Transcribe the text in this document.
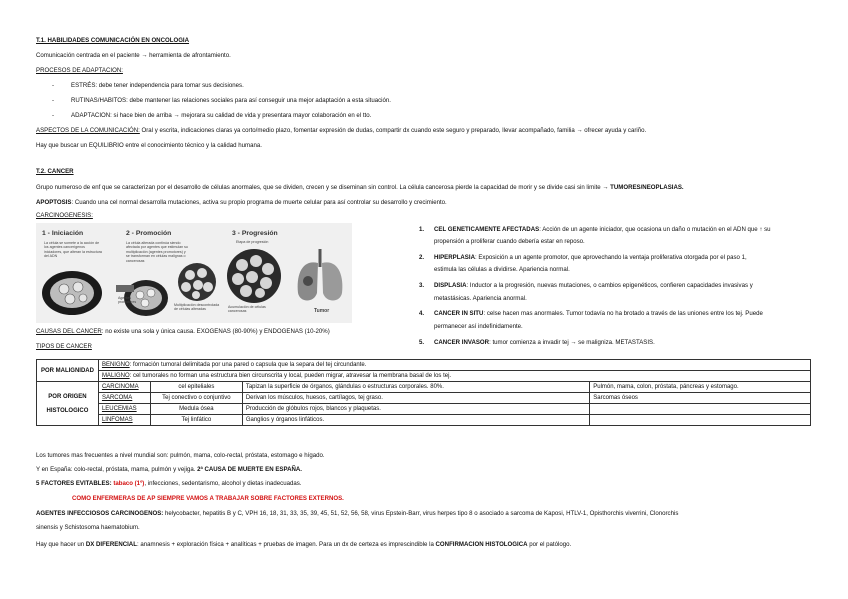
T.1. HABILIDADES COMUNICACIÓN EN ONCOLOGIA
Comunicación centrada en el paciente → herramienta de afrontamiento.
PROCESOS DE ADAPTACION:
-	ESTRÉS: debe tener independencia para tomar sus decisiones.
-	RUTINAS/HABITOS: debe mantener las relaciones sociales para así conseguir una mejor adaptación a esta situación.
-	ADAPTACION: si hace bien de arriba → mejorara su calidad de vida y presentara mayor colaboración en el tto.
ASPECTOS DE LA COMUNICACIÓN: Oral y escrita, indicaciones claras ya corto/medio plazo, fomentar expresión de dudas, compartir dx cuando este seguro y preparado, llevar acompañado, familia → ofrecer ayuda y cariño.
Hay que buscar un EQUILIBRIO entre el conocimiento técnico y la calidad humana.
T.2. CANCER
Grupo numeroso de enf que se caracterizan por el desarrollo de células anormales, que se dividen, crecen y se diseminan sin control. La célula cancerosa pierde la capacidad de morir y se divide casi sin limite → TUMORES/NEOPLASIAS.
APOPTOSIS: Cuando una cel normal desarrolla mutaciones, activa su propio programa de muerte celular para así controlar su desarrollo y crecimiento.
CARCINOGENESIS:
1 - Iniciación
La célula se somete a la acción de los agentes cancerígenos iniciadores, que alteran la estructura del ADN
2 - Promoción
La célula alterada continúa siendo afectada por agentes que estimulan su multiplicación (agentes promotores) y se transforman en células malignas o cancerosas
Agentes promotores
Multiplicación descontrolada de células alteradas
3 - Progresión
Etapa de progresión
Acumulación de células cancerosas	Tumor
CAUSAS DEL CANCER: no existe una sola y única causa. EXOGENAS (80-90%) y ENDOGENAS (10-20%)
TIPOS DE CANCER
1. CEL GENETICAMENTE AFECTADAS: Acción de un agente iniciador, que ocasiona un daño o mutación en el ADN que ↑ su
propensión a proliferar cuando debería estar en reposo.
2. HIPERPLASIA: Exposición a un agente promotor, que aprovechando la ventaja proliferativa otorgada por el paso 1,
estimula las células a dividirse. Apariencia normal.
3. DISPLASIA: Inductor a la progresión, nuevas mutaciones, o cambios epigenéticos, confieren capacidades invasivas y
metastásicas. Apariencia anormal.
4. CANCER IN SITU: celse hacen mas anormales. Tumor todavía no ha brotado a través de las uniones entre los tej. Puede
permanecer así indefinidamente.
5. CANCER INVASOR: tumor comienza a invadir tej → se maligniza. METASTASIS.
POR MALIGNIDAD	BENIGNO: formación tumoral delimitada por una pared o capsula que la separa del tej circundante.			
	MALIGNO: cel tumorales no forman una estructura bien circunscrita y local, pueden migrar, atravesar la membrana basal de los tej.			
POR ORIGEN HISTOLOGICO	CARCINOMA	cel epiteliales	Tapizan la superficie de órganos, glándulas o estructuras corporales. 80%.	Pulmón, mama, colon, próstata, páncreas y estomago.
	SARCOMA	Tej conectivo o conjuntivo	Derivan los músculos, huesos, cartílagos, tej graso.	Sarcomas óseos
	LEUCEMIAS	Medula ósea	Producción de glóbulos rojos, blancos y plaquetas.	
	LINFOMAS	Tej linfático	Ganglios y órganos linfáticos.	
Los tumores mas frecuentes a nivel mundial son: pulmón, mama, colo-rectal, próstata, estomago e hígado.
Y en España: colo-rectal, próstata, mama, pulmón y vejiga. 2ª CAUSA DE MUERTE EN ESPAÑA.
5 FACTORES EVITABLES: tabaco (1º), infecciones, sedentarismo, alcohol y dietas inadecuadas.
COMO ENFERMERAS DE AP SIEMPRE VAMOS A TRABAJAR SOBRE FACTORES EXTERNOS.
AGENTES INFECCIOSOS CARCINOGENOS: helycobacter, hepatitis B y C, VPH 16, 18, 31, 33, 35, 39, 45, 51, 52, 56, 58, virus Epstein-Barr, virus herpes tipo 8 o asociado a sarcoma de Kaposi, HTLV-1, Opisthorchis viverrini, Clonorchis
sinensis y Schistosoma haematobium.
Hay que hacer un DX DIFERENCIAL: anamnesis + exploración física + analíticas + pruebas de imagen. Para un dx de certeza es imprescindible la CONFIRMACION HISTOLOGICA por el patólogo.
